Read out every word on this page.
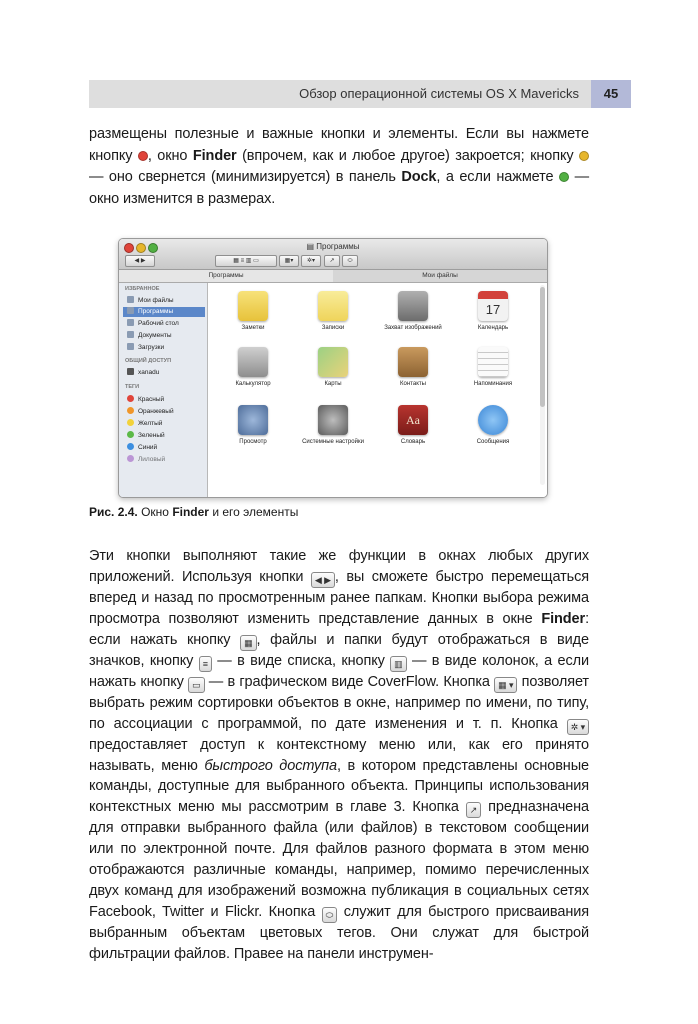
Обзор операционной системы OS X Mavericks	45
размещены полезные и важные кнопки и элементы. Если вы нажмете кнопку , окно Finder (впрочем, как и любое другое) закроется; кнопку  — оно свернется (минимизируется) в панель Dock, а если нажмете  — окно изменится в размерах.
▤ Программы
◀ ▶	▦ ≡ ▥ ▭	▦▾	✲▾	↗	⬭
Программы	Мои файлы
ИЗБРАННОЕ
Мои файлы
Программы
Рабочий стол
Документы
Загрузки
ОБЩИЙ ДОСТУП
xanadu
ТЕГИ
Красный
Оранжевый
Желтый
Зеленый
Синий
Лиловый
Заметки	Записки	Захват изображений
17
Календарь
Калькулятор	Карты	Контакты	Напоминания
Просмотр	Системные настройки
Aa
Словарь	Сообщения
Рис. 2.4. Окно Finder и его элементы
Эти кнопки выполняют такие же функции в окнах любых других приложений. Используя кнопки ◀ ▶ , вы сможете быстро перемещаться вперед и назад по просмотренным ранее папкам. Кнопки выбора режима просмотра позволяют изменить представление данных в окне Finder: если нажать кнопку ▦ , файлы и папки будут отображаться в виде значков, кнопку ≡ — в виде списка, кнопку ▥ — в виде колонок, а если нажать кнопку ▭ — в графическом виде CoverFlow. Кнопка ▦ ▾ позволяет выбрать режим сортировки объектов в окне, например по имени, по типу, по ассоциации с программой, по дате изменения и т. п. Кнопка ✲ ▾ предоставляет доступ к контекстному меню или, как его принято называть, меню быстрого доступа, в котором представлены основные команды, доступные для выбранного объекта. Принципы использования контекстных меню мы рассмотрим в главе 3. Кнопка ↗ предназначена для отправки выбранного файла (или файлов) в текстовом сообщении или по электронной почте. Для файлов разного формата в этом меню отображаются различные команды, например, помимо перечисленных двух команд для изображений возможна публикация в социальных сетях Facebook, Twitter и Flickr. Кнопка ⬭ служит для быстрого присваивания выбранным объектам цветовых тегов. Они служат для быстрой фильтрации файлов. Правее на панели инструмен-
